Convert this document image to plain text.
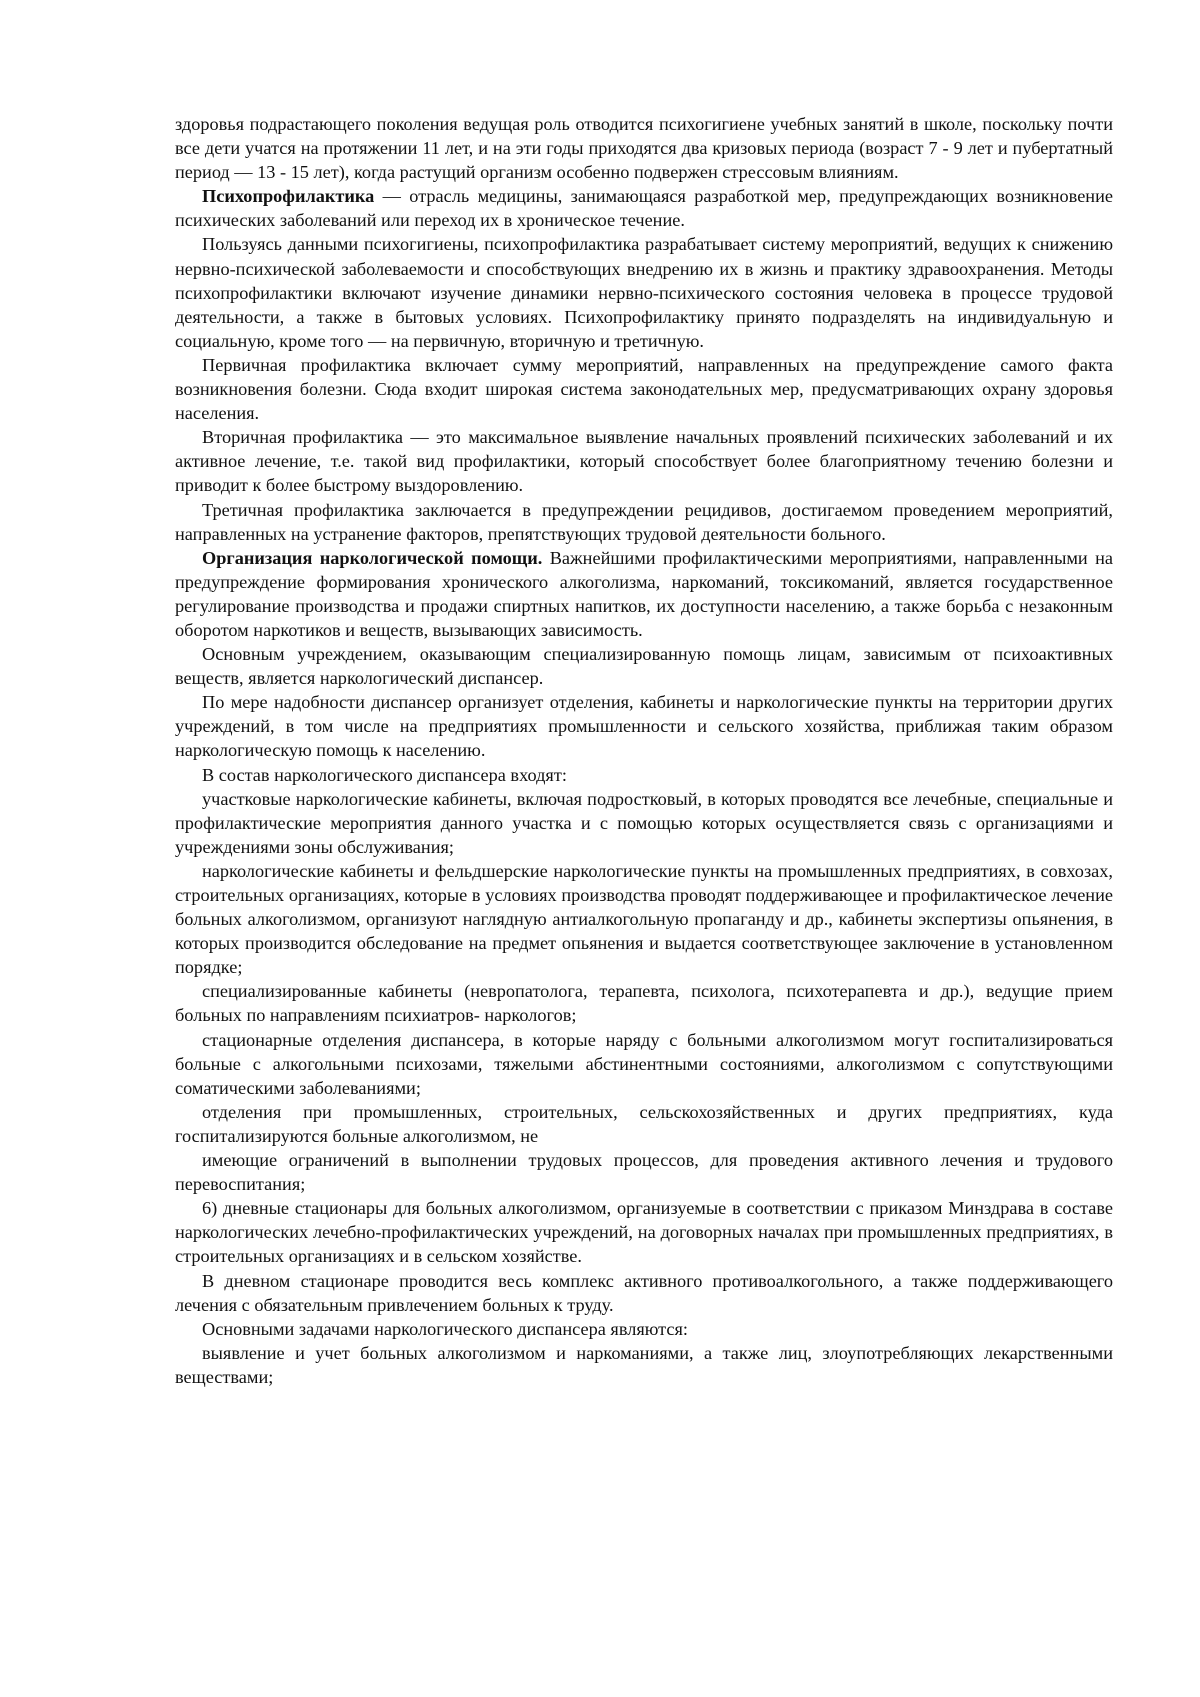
здоровья подрастающего поколения ведущая роль отводится психогигиене учебных занятий в школе, поскольку почти все дети учатся на протяжении 11 лет, и на эти годы приходятся два кризовых периода (возраст 7 - 9 лет и пубертатный период — 13 - 15 лет), когда растущий организм особенно подвержен стрессовым влияниям.

Психопрофилактика — отрасль медицины, занимающаяся разработкой мер, предупреждающих возникновение психических заболеваний или переход их в хроническое течение.

Пользуясь данными психогигиены, психопрофилактика разрабатывает систему мероприятий, ведущих к снижению нервно-психической заболеваемости и способствующих внедрению их в жизнь и практику здравоохранения. Методы психопрофилактики включают изучение динамики нервно-психического состояния человека в процессе трудовой деятельности, а также в бытовых условиях. Психопрофилактику принято подразделять на индивидуальную и социальную, кроме того — на первичную, вторичную и третичную.

Первичная профилактика включает сумму мероприятий, направленных на предупреждение самого факта возникновения болезни. Сюда входит широкая система законодательных мер, предусматривающих охрану здоровья населения.

Вторичная профилактика — это максимальное выявление начальных проявлений психических заболеваний и их активное лечение, т.е. такой вид профилактики, который способствует более благоприятному течению болезни и приводит к более быстрому выздоровлению.

Третичная профилактика заключается в предупреждении рецидивов, достигаемом проведением мероприятий, направленных на устранение факторов, препятствующих трудовой деятельности больного.

Организация наркологической помощи. Важнейшими профилактическими мероприятиями, направленными на предупреждение формирования хронического алкоголизма, наркоманий, токсикоманий, является государственное регулирование производства и продажи спиртных напитков, их доступности населению, а также борьба с незаконным оборотом наркотиков и веществ, вызывающих зависимость.

Основным учреждением, оказывающим специализированную помощь лицам, зависимым от психоактивных веществ, является наркологический диспансер.

По мере надобности диспансер организует отделения, кабинеты и наркологические пункты на территории других учреждений, в том числе на предприятиях промышленности и сельского хозяйства, приближая таким образом наркологическую помощь к населению.

В состав наркологического диспансера входят:

участковые наркологические кабинеты, включая подростковый, в которых проводятся все лечебные, специальные и профилактические мероприятия данного участка и с помощью которых осуществляется связь с организациями и учреждениями зоны обслуживания;

наркологические кабинеты и фельдшерские наркологические пункты на промышленных предприятиях, в совхозах, строительных организациях, которые в условиях производства проводят поддерживающее и профилактическое лечение больных алкоголизмом, организуют наглядную антиалкогольную пропаганду и др., кабинеты экспертизы опьянения, в которых производится обследование на предмет опьянения и выдается соответствующее заключение в установленном порядке;

специализированные кабинеты (невропатолога, терапевта, психолога, психотерапевта и др.), ведущие прием больных по направлениям психиатров- наркологов;

стационарные отделения диспансера, в которые наряду с больными алкоголизмом могут госпитализироваться больные с алкогольными психозами, тяжелыми абстинентными состояниями, алкоголизмом с сопутствующими соматическими заболеваниями;

отделения при промышленных, строительных, сельскохозяйственных и других предприятиях, куда госпитализируются больные алкоголизмом, не

имеющие ограничений в выполнении трудовых процессов, для проведения активного лечения и трудового перевоспитания;

6) дневные стационары для больных алкоголизмом, организуемые в соответствии с приказом Минздрава в составе наркологических лечебно-профилактических учреждений, на договорных началах при промышленных предприятиях, в строительных организациях и в сельском хозяйстве.

В дневном стационаре проводится весь комплекс активного противоалкогольного, а также поддерживающего лечения с обязательным привлечением больных к труду.

Основными задачами наркологического диспансера являются:

выявление и учет больных алкоголизмом и наркоманиями, а также лиц, злоупотребляющих лекарственными веществами;
